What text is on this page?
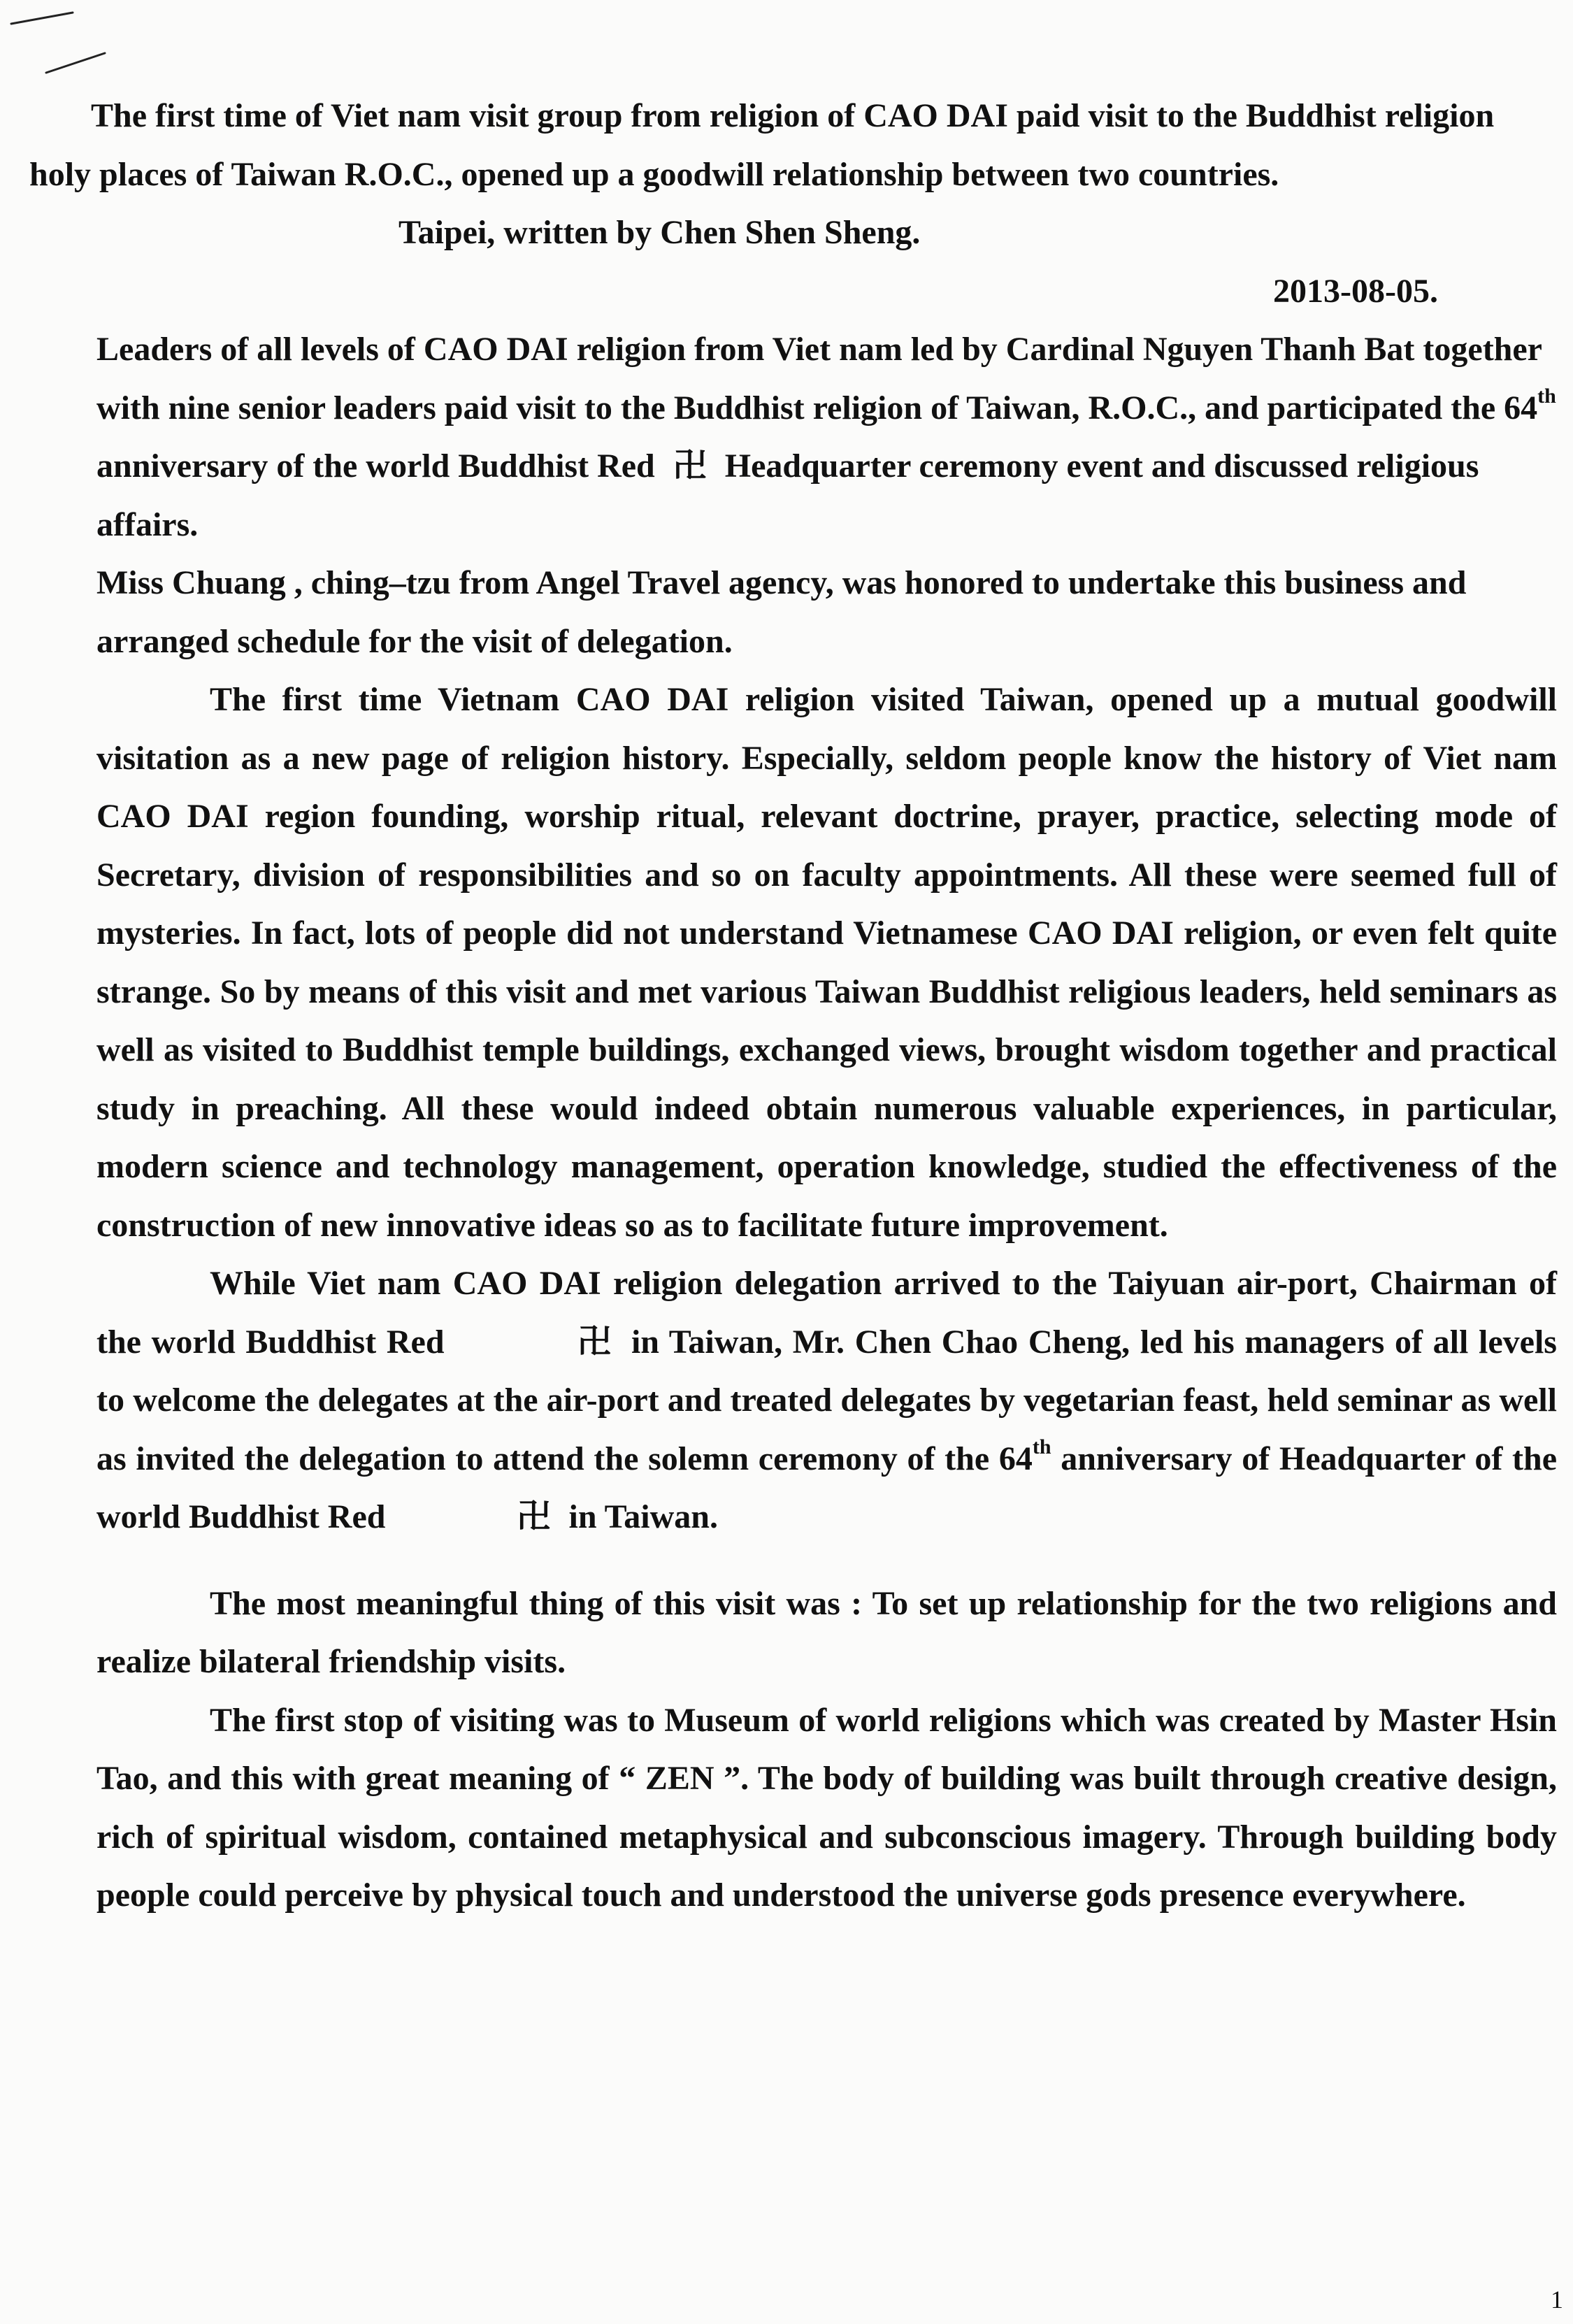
The first time of Viet nam visit group from religion of CAO DAI paid visit to the Buddhist religion holy places of Taiwan R.O.C., opened up a goodwill relationship between two countries.

Taipei, written by Chen Shen Sheng.

2013-08-05.

Leaders of all levels of CAO DAI religion from Viet nam led by Cardinal Nguyen Thanh Bat together with nine senior leaders paid visit to the Buddhist religion of Taiwan, R.O.C., and participated the 64th anniversary of the world Buddhist Red 卍 Headquarter ceremony event and discussed religious affairs.

Miss Chuang , ching–tzu from Angel Travel agency, was honored to undertake this business and arranged schedule for the visit of delegation.

The first time Vietnam CAO DAI religion visited Taiwan, opened up a mutual goodwill visitation as a new page of religion history. Especially, seldom people know the history of Viet nam CAO DAI region founding, worship ritual, relevant doctrine, prayer, practice, selecting mode of Secretary, division of responsibilities and so on faculty appointments. All these were seemed full of mysteries. In fact, lots of people did not understand Vietnamese CAO DAI religion, or even felt quite strange. So by means of this visit and met various Taiwan Buddhist religious leaders, held seminars as well as visited to Buddhist temple buildings, exchanged views, brought wisdom together and practical study in preaching. All these would indeed obtain numerous valuable experiences, in particular, modern science and technology management, operation knowledge, studied the effectiveness of the construction of new innovative ideas so as to facilitate future improvement.

While Viet nam CAO DAI religion delegation arrived to the Taiyuan air-port, Chairman of the world Buddhist Red	卍 in Taiwan, Mr. Chen Chao Cheng, led his managers of all levels to welcome the delegates at the air-port and treated delegates by vegetarian feast, held seminar as well as invited the delegation to attend the solemn ceremony of the 64th anniversary of Headquarter of the world Buddhist Red	卍 in Taiwan.

The most meaningful thing of this visit was : To set up relationship for the two religions and realize bilateral friendship visits.

The first stop of visiting was to Museum of world religions which was created by Master Hsin Tao, and this with great meaning of “ ZEN ”. The body of building was built through creative design, rich of spiritual wisdom, contained metaphysical and subconscious imagery. Through building body people could perceive by physical touch and understood the universe gods presence everywhere.

1
